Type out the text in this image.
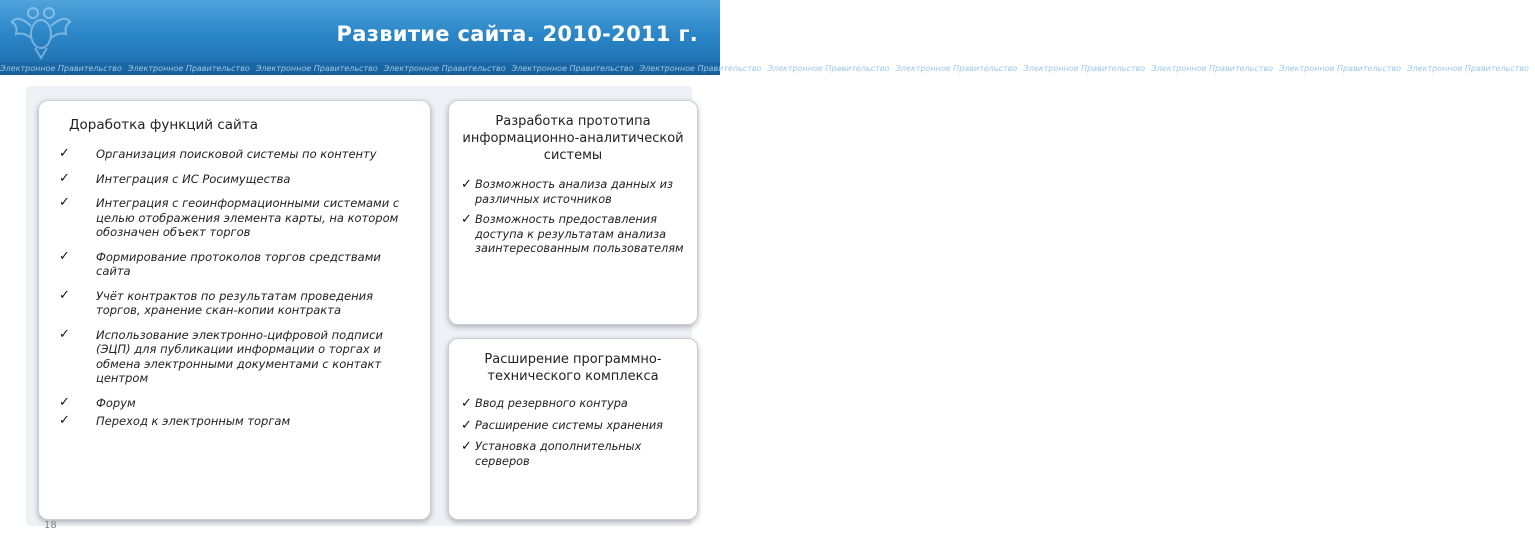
Развитие сайта. 2010-2011 г.
Электронное Правительство Электронное Правительство Электронное Правительство Электронное Правительство Электронное Правительство Электронное Правительство Электронное Правительство Электронное Правительство Электронное Правительство Электронное Правительство Электронное Правительство Электронное Правительство
Доработка функций сайта
✓ Организация поисковой системы по контенту
✓ Интеграция с ИС Росимущества
✓ Интеграция с геоинформационными системами с целью отображения элемента карты, на котором обозначен объект торгов
✓ Формирование протоколов торгов средствами сайта
✓ Учёт контрактов по результатам проведения торгов, хранение скан-копии контракта
✓ Использование электронно-цифровой подписи (ЭЦП) для публикации информации о торгах и обмена электронными документами с контакт центром
✓ Форум
✓ Переход к электронным торгам
Разработка прототипа информационно-аналитической системы
✓ Возможность анализа данных из различных источников
✓ Возможность предоставления доступа к результатам анализа заинтересованным пользователям
Расширение программно-технического комплекса
✓ Ввод резервного контура
✓ Расширение системы хранения
✓ Установка дополнительных серверов
18
